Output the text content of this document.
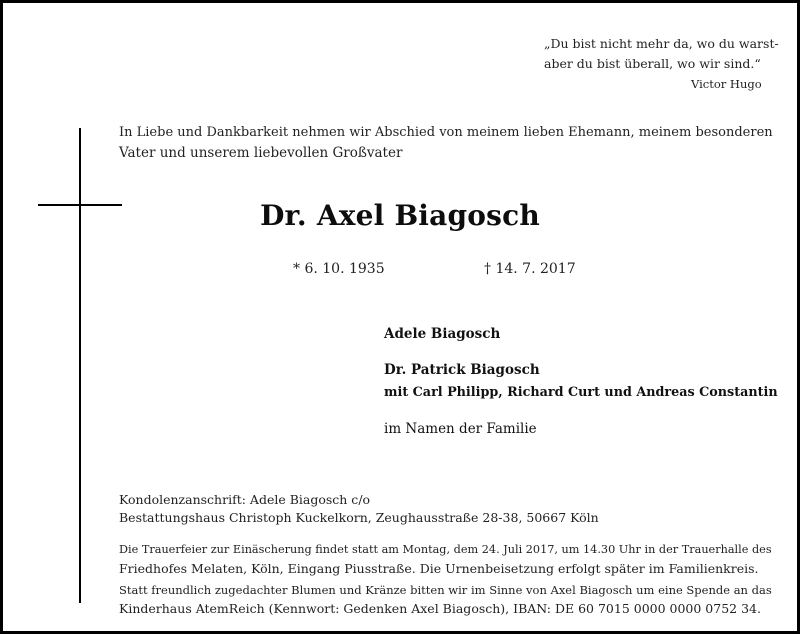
„Du bist nicht mehr da, wo du warst-
aber du bist überall, wo wir sind.“
Victor Hugo
In Liebe und Dankbarkeit nehmen wir Abschied von meinem lieben Ehemann, meinem besonderen
Vater und unserem liebevollen Großvater
Dr. Axel Biagosch
* 6. 10. 1935	† 14. 7. 2017
Adele Biagosch
Dr. Patrick Biagosch
mit Carl Philipp, Richard Curt und Andreas Constantin
im Namen der Familie
Kondolenzanschrift: Adele Biagosch c/o
Bestattungshaus Christoph Kuckelkorn, Zeughausstraße 28-38, 50667 Köln
Die Trauerfeier zur Einäscherung findet statt am Montag, dem 24. Juli 2017, um 14.30 Uhr in der Trauerhalle des
Friedhofes Melaten, Köln, Eingang Piusstraße. Die Urnenbeisetzung erfolgt später im Familienkreis.
Statt freundlich zugedachter Blumen und Kränze bitten wir im Sinne von Axel Biagosch um eine Spende an das
Kinderhaus AtemReich (Kennwort: Gedenken Axel Biagosch), IBAN: DE 60 7015 0000 0000 0752 34.
